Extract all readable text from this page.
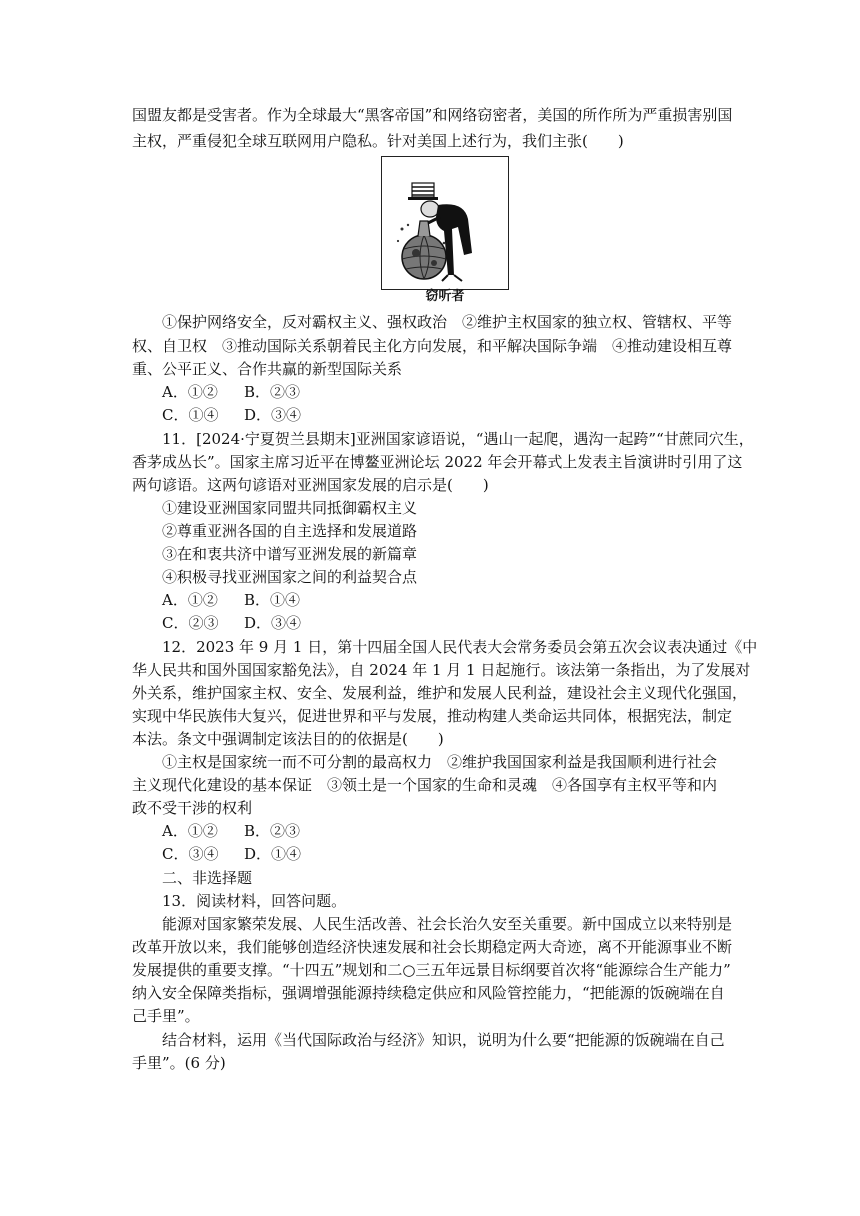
国盟友都是受害者。作为全球最大“黑客帝国”和网络窃密者，美国的所作所为严重损害别国
主权，严重侵犯全球互联网用户隐私。针对美国上述行为，我们主张(　　)
窃听者
①保护网络安全，反对霸权主义、强权政治　②维护主权国家的独立权、管辖权、平等
权、自卫权　③推动国际关系朝着民主化方向发展，和平解决国际争端　④推动建设相互尊
重、公平正义、合作共赢的新型国际关系
A．①② B．②③
C．①④ D．③④
11．[2024·宁夏贺兰县期末]亚洲国家谚语说，“遇山一起爬，遇沟一起跨”“甘蔗同穴生，
香茅成丛长”。国家主席习近平在博鳌亚洲论坛 2022 年会开幕式上发表主旨演讲时引用了这
两句谚语。这两句谚语对亚洲国家发展的启示是(　　)
①建设亚洲国家同盟共同抵御霸权主义
②尊重亚洲各国的自主选择和发展道路
③在和衷共济中谱写亚洲发展的新篇章
④积极寻找亚洲国家之间的利益契合点
A．①② B．①④
C．②③ D．③④
12．2023 年 9 月 1 日，第十四届全国人民代表大会常务委员会第五次会议表决通过《中
华人民共和国外国国家豁免法》，自 2024 年 1 月 1 日起施行。该法第一条指出，为了发展对
外关系，维护国家主权、安全、发展利益，维护和发展人民利益，建设社会主义现代化强国，
实现中华民族伟大复兴，促进世界和平与发展，推动构建人类命运共同体，根据宪法，制定
本法。条文中强调制定该法目的的依据是(　　)
①主权是国家统一而不可分割的最高权力　②维护我国国家利益是我国顺利进行社会
主义现代化建设的基本保证　③领土是一个国家的生命和灵魂　④各国享有主权平等和内
政不受干涉的权利
A．①② B．②③
C．③④ D．①④
二、非选择题
13．阅读材料，回答问题。
能源对国家繁荣发展、人民生活改善、社会长治久安至关重要。新中国成立以来特别是
改革开放以来，我们能够创造经济快速发展和社会长期稳定两大奇迹，离不开能源事业不断
发展提供的重要支撑。“十四五”规划和二○三五年远景目标纲要首次将“能源综合生产能力”
纳入安全保障类指标，强调增强能源持续稳定供应和风险管控能力，“把能源的饭碗端在自
己手里”。
结合材料，运用《当代国际政治与经济》知识，说明为什么要“把能源的饭碗端在自己
手里”。(6 分)
